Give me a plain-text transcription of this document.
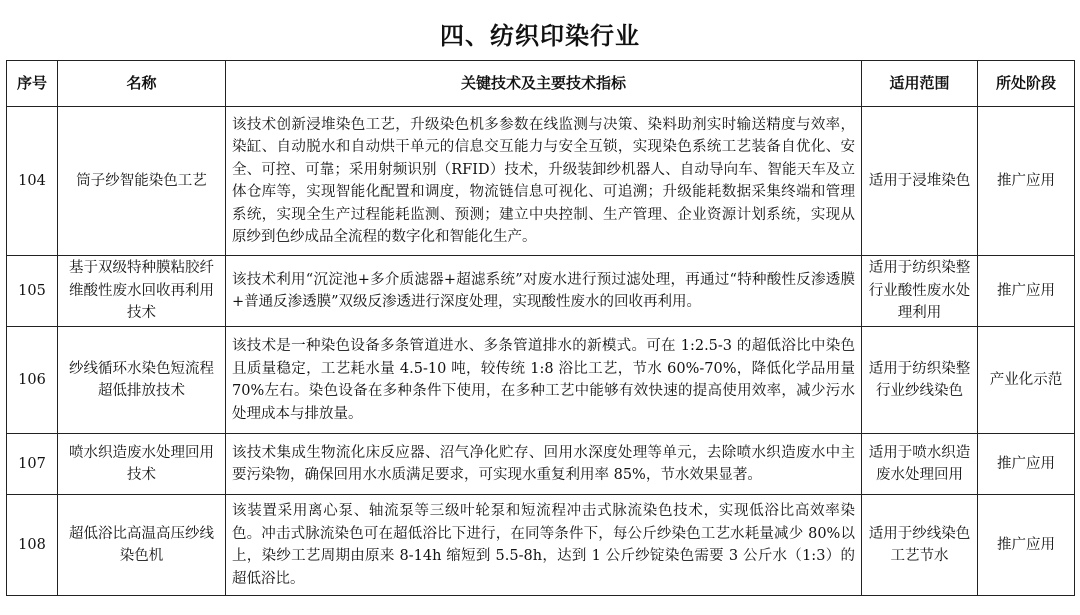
四、纺织印染行业
序号	名称	关键技术及主要技术指标	适用范围	所处阶段
104	筒子纱智能染色工艺	该技术创新浸堆染色工艺，升级染色机多参数在线监测与决策、染料助剂实时输送精度与效率，染缸、自动脱水和自动烘干单元的信息交互能力与安全互锁，实现染色系统工艺装备自优化、安全、可控、可靠；采用射频识别（RFID）技术，升级装卸纱机器人、自动导向车、智能天车及立体仓库等，实现智能化配置和调度，物流链信息可视化、可追溯；升级能耗数据采集终端和管理系统，实现全生产过程能耗监测、预测；建立中央控制、生产管理、企业资源计划系统，实现从原纱到色纱成品全流程的数字化和智能化生产。	适用于浸堆染色	推广应用
105	基于双级特种膜粘胶纤维酸性废水回收再利用技术	该技术利用“沉淀池+多介质滤器+超滤系统”对废水进行预过滤处理，再通过“特种酸性反渗透膜+普通反渗透膜”双级反渗透进行深度处理，实现酸性废水的回收再利用。	适用于纺织染整行业酸性废水处理利用	推广应用
106	纱线循环水染色短流程超低排放技术	该技术是一种染色设备多条管道进水、多条管道排水的新模式。可在 1:2.5-3 的超低浴比中染色且质量稳定，工艺耗水量 4.5-10 吨，较传统 1:8 浴比工艺，节水 60%-70%，降低化学品用量 70%左右。染色设备在多种条件下使用，在多种工艺中能够有效快速的提高使用效率，减少污水处理成本与排放量。	适用于纺织染整行业纱线染色	产业化示范
107	喷水织造废水处理回用技术	该技术集成生物流化床反应器、沼气净化贮存、回用水深度处理等单元，去除喷水织造废水中主要污染物，确保回用水水质满足要求，可实现水重复利用率 85%，节水效果显著。	适用于喷水织造废水处理回用	推广应用
108	超低浴比高温高压纱线染色机	该装置采用离心泵、轴流泵等三级叶轮泵和短流程冲击式脉流染色技术，实现低浴比高效率染色。冲击式脉流染色可在超低浴比下进行，在同等条件下，每公斤纱染色工艺水耗量减少 80%以上，染纱工艺周期由原来 8-14h 缩短到 5.5-8h，达到 1 公斤纱锭染色需要 3 公斤水（1:3）的超低浴比。	适用于纱线染色工艺节水	推广应用
